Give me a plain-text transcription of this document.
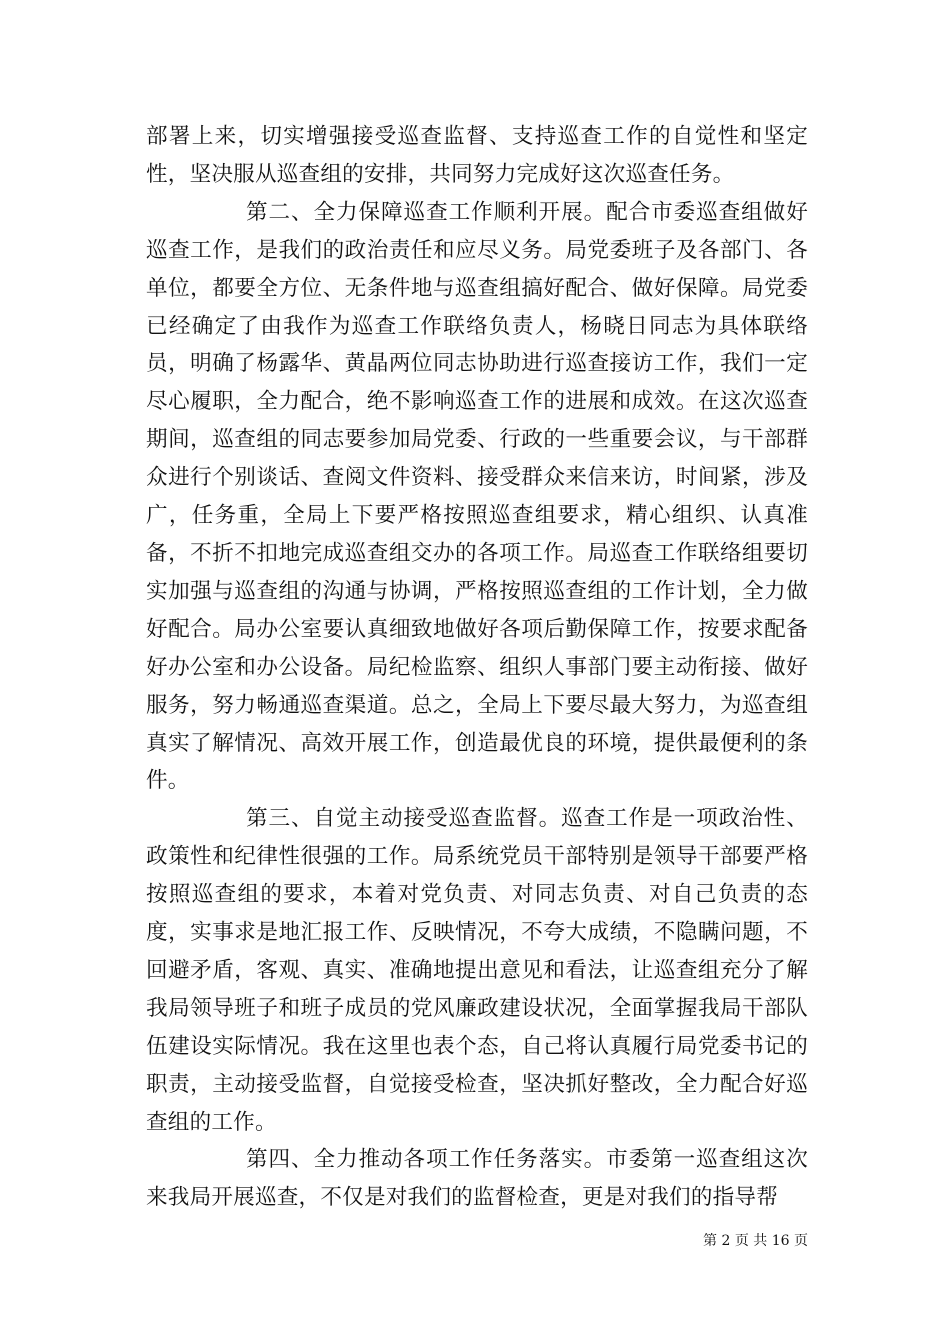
部署上来，切实增强接受巡查监督、支持巡查工作的自觉性和坚定性，坚决服从巡查组的安排，共同努力完成好这次巡查任务。

第二、全力保障巡查工作顺利开展。配合市委巡查组做好巡查工作，是我们的政治责任和应尽义务。局党委班子及各部门、各单位，都要全方位、无条件地与巡查组搞好配合、做好保障。局党委已经确定了由我作为巡查工作联络负责人，杨晓日同志为具体联络员，明确了杨露华、黄晶两位同志协助进行巡查接访工作，我们一定尽心履职，全力配合，绝不影响巡查工作的进展和成效。在这次巡查期间，巡查组的同志要参加局党委、行政的一些重要会议，与干部群众进行个别谈话、查阅文件资料、接受群众来信来访，时间紧，涉及广，任务重，全局上下要严格按照巡查组要求，精心组织、认真准备，不折不扣地完成巡查组交办的各项工作。局巡查工作联络组要切实加强与巡查组的沟通与协调，严格按照巡查组的工作计划，全力做好配合。局办公室要认真细致地做好各项后勤保障工作，按要求配备好办公室和办公设备。局纪检监察、组织人事部门要主动衔接、做好服务，努力畅通巡查渠道。总之，全局上下要尽最大努力，为巡查组真实了解情况、高效开展工作，创造最优良的环境，提供最便利的条件。

第三、自觉主动接受巡查监督。巡查工作是一项政治性、政策性和纪律性很强的工作。局系统党员干部特别是领导干部要严格按照巡查组的要求，本着对党负责、对同志负责、对自己负责的态度，实事求是地汇报工作、反映情况，不夸大成绩，不隐瞒问题，不回避矛盾，客观、真实、准确地提出意见和看法，让巡查组充分了解我局领导班子和班子成员的党风廉政建设状况，全面掌握我局干部队伍建设实际情况。我在这里也表个态，自己将认真履行局党委书记的职责，主动接受监督，自觉接受检查，坚决抓好整改，全力配合好巡查组的工作。

第四、全力推动各项工作任务落实。市委第一巡查组这次来我局开展巡查，不仅是对我们的监督检查，更是对我们的指导帮

第 2 页 共 16 页
